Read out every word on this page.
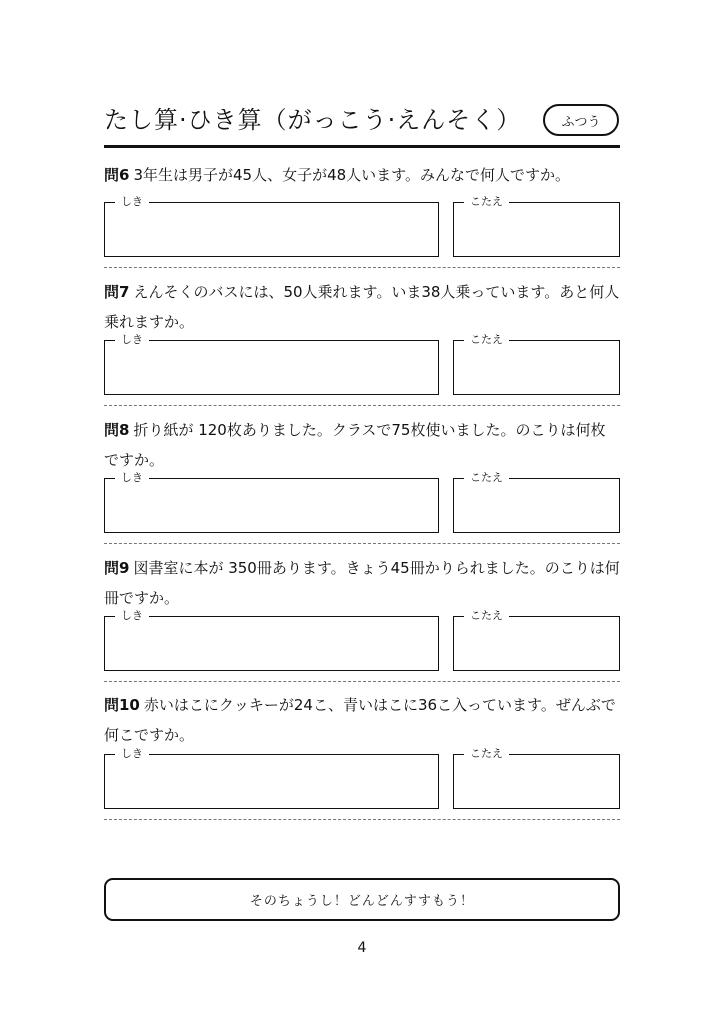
たし算·ひき算（がっこう·えんそく）	ふつう

問6 3年生は男子が45人、女子が48人います。みんなで何人ですか。

しき	こたえ

問7 えんそくのバスには、50人乗れます。いま38人乗っています。あと何人乗れますか。

しき	こたえ

問8 折り紙が 120枚ありました。クラスで75枚使いました。のこりは何枚ですか。

しき	こたえ

問9 図書室に本が 350冊あります。きょう45冊かりられました。のこりは何冊ですか。

しき	こたえ

問10 赤いはこにクッキーが24こ、青いはこに36こ入っています。ぜんぶで何こですか。

しき	こたえ
そのちょうし！どんどんすすもう！
4
